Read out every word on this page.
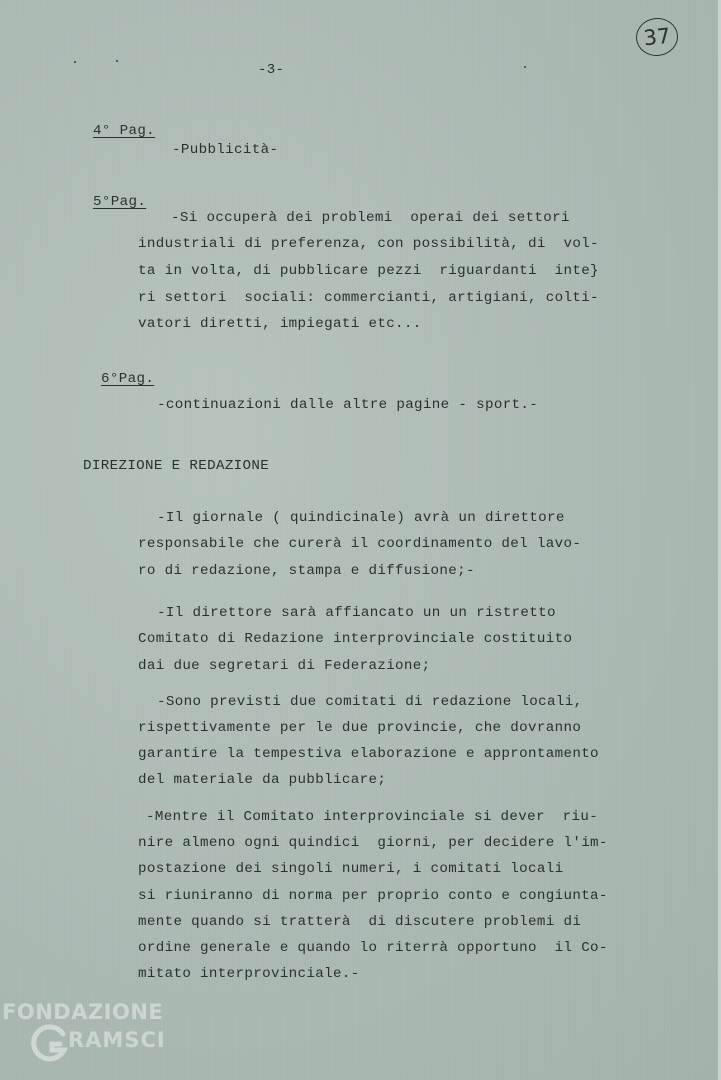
-3-
37
4° Pag.
-Pubblicità-
5°Pag.
-Si occuperà dei problemi  operai dei settori
industriali di preferenza, con possibilità, di  vol-
ta in volta, di pubblicare pezzi  riguardanti  inte}
ri settori  sociali: commercianti, artigiani, colti-
vatori diretti, impiegati etc...
6°Pag.
-continuazioni dalle altre pagine - sport.-
DIREZIONE E REDAZIONE
-Il giornale ( quindicinale) avrà un direttore
responsabile che curerà il coordinamento del lavo-
ro di redazione, stampa e diffusione;-
-Il direttore sarà affiancato un un ristretto
Comitato di Redazione interprovinciale costituito
dai due segretari di Federazione;
-Sono previsti due comitati di redazione locali,
rispettivamente per le due provincie, che dovranno
garantire la tempestiva elaborazione e approntamento
del materiale da pubblicare;
-Mentre il Comitato interprovinciale si dever  riu-
nire almeno ogni quindici  giorni, per decidere l'im-
postazione dei singoli numeri, i comitati locali
si riuniranno di norma per proprio conto e congiunta-
mente quando si tratterà  di discutere problemi di
ordine generale e quando lo riterrà opportuno  il Co-
mitato interprovinciale.-
FONDAZIONE
RAMSCI
